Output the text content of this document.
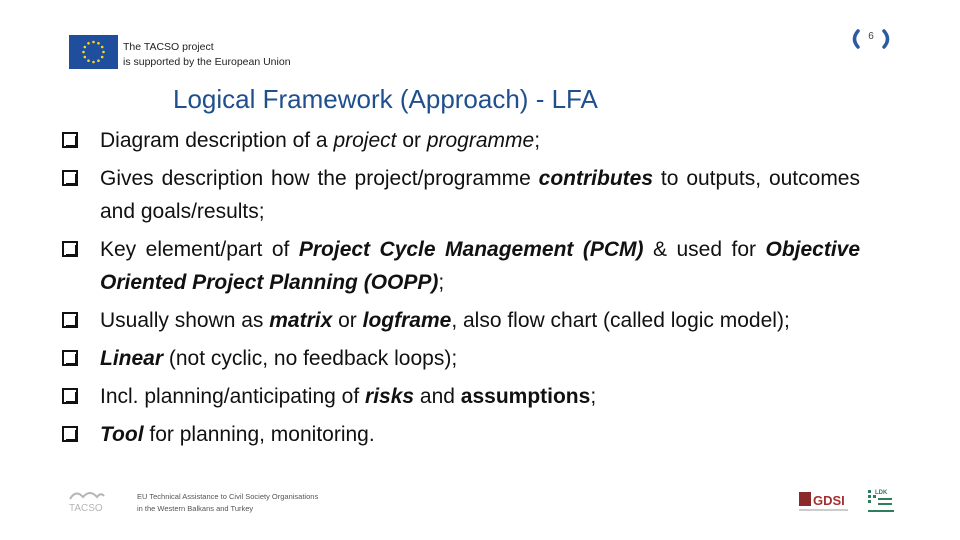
The TACSO project
is supported by the European Union
6
Logical Framework (Approach) - LFA
Diagram description of a project or programme;
Gives description how the project/programme contributes to outputs, outcomes and goals/results;
Key element/part of Project Cycle Management (PCM) & used for Objective Oriented Project Planning (OOPP);
Usually shown as matrix or logframe, also flow chart (called logic model);
Linear (not cyclic, no feedback loops);
Incl. planning/anticipating of risks and assumptions;
Tool for planning, monitoring.
TACSO
EU Technical Assistance to Civil Society Organisations
in the Western Balkans and Turkey
GDSI	LDK
